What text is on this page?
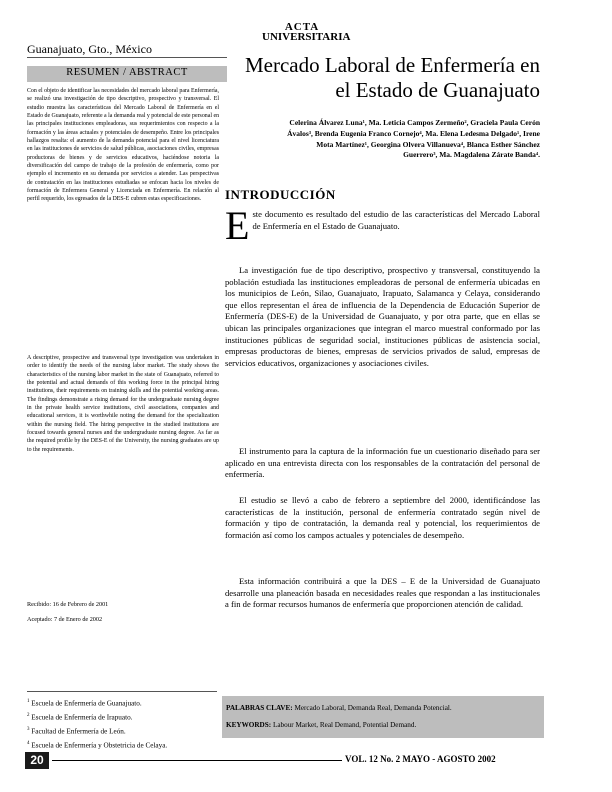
ACTA
UNIVERSITARIA
Guanajuato, Gto., México
RESUMEN / ABSTRACT
Con el objeto de identificar las necesidades del mercado laboral para Enfermería, se realizó una investigación de tipo descriptivo, prospectivo y transversal. El estudio muestra las características del Mercado Laboral de Enfermería en el Estado de Guanajuato, referente a la demanda real y potencial de este personal en las principales instituciones empleadoras, sus requerimientos con respecto a la formación y las áreas actuales y potenciales de desempeño. Entre los principales hallazgos resalta: el aumento de la demanda potencial para el nivel licenciatura en las instituciones de servicios de salud públicas, asociaciones civiles, empresas productoras de bienes y de servicios educativos, haciéndose notoria la diversificación del campo de trabajo de la profesión de enfermería, como por ejemplo el incremento en su demanda por servicios a atender. Las perspectivas de contratación en las instituciones estudiadas se enfocan hacia los niveles de formación de Enfermera General y Licenciada en Enfermería. En relación al perfil requerido, los egresados de la DES-E cubren estas especificaciones.
A descriptive, prospective and transversal type investigation was undertaken in order to identify the needs of the nursing labor market. The study shows the characteristics of the nursing labor market in the state of Guanajuato, referred to the potential and actual demands of this working force in the principal hiring institutions, their requirements on training skills and the potential working areas. The findings demonstrate a rising demand for the undergraduate nursing degree in the private health service institutions, civil associations, companies and educational services, it is worthwhile noting the demand for the specialization within the nursing field. The hiring perspective in the studied institutions are focused towards general nurses and the undergraduate nursing degree. As far as the required profile by the DES-E of the University, the nursing graduates are up to the requirements.
Recibido: 16 de Febrero de 2001
Aceptado: 7 de Enero de 2002
$^1$ Escuela de Enfermería de Guanajuato.
$^2$ Escuela de Enfermería de Irapuato.
$^3$ Facultad de Enfermería de León.
$^4$ Escuela de Enfermería y Obstetricia de Celaya.
Mercado Laboral de Enfermería en
el Estado de Guanajuato
Celerina Álvarez Luna¹, Ma. Leticia Campos Zermeño², Graciela Paula Cerón
Ávalos³, Brenda Eugenia Franco Cornejo⁴, Ma. Elena Ledesma Delgado¹, Irene
Mota Martínez¹, Georgina Olvera Villanueva⁴, Blanca Esther Sánchez
Guerrero³, Ma. Magdalena Zárate Banda⁴.
INTRODUCCIÓN
Este documento es resultado del estudio de las características del Mercado Laboral de Enfermería en el Estado de Guanajuato.
La investigación fue de tipo descriptivo, prospectivo y transversal, constituyendo la población estudiada las instituciones empleadoras de personal de enfermería ubicadas en los municipios de León, Silao, Guanajuato, Irapuato, Salamanca y Celaya, considerando que ellos representan el área de influencia de la Dependencia de Educación Superior de Enfermería (DES-E) de la Universidad de Guanajuato, y por otra parte, que en ellas se ubican las principales organizaciones que integran el marco muestral conformado por las instituciones públicas de seguridad social, instituciones públicas de asistencia social, empresas productoras de bienes, empresas de servicios privados de salud, empresas de servicios educativos, organizaciones y asociaciones civiles.
El instrumento para la captura de la información fue un cuestionario diseñado para ser aplicado en una entrevista directa con los responsables de la contratación del personal de enfermería.
El estudio se llevó a cabo de febrero a septiembre del 2000, identificándose las características de la institución, personal de enfermería contratado según nivel de formación y tipo de contratación, la demanda real y potencial, los requerimientos de formación así como los campos actuales y potenciales de desempeño.
Esta información contribuirá a que la DES – E de la Universidad de Guanajuato desarrolle una planeación basada en necesidades reales que respondan a las institucionales a fin de formar recursos humanos de enfermería que proporcionen atención de calidad.
PALABRAS CLAVE: Mercado Laboral, Demanda Real, Demanda Potencial.
KEYWORDS: Labour Market, Real Demand, Potential Demand.
20	VOL. 12 No. 2 MAYO - AGOSTO 2002
